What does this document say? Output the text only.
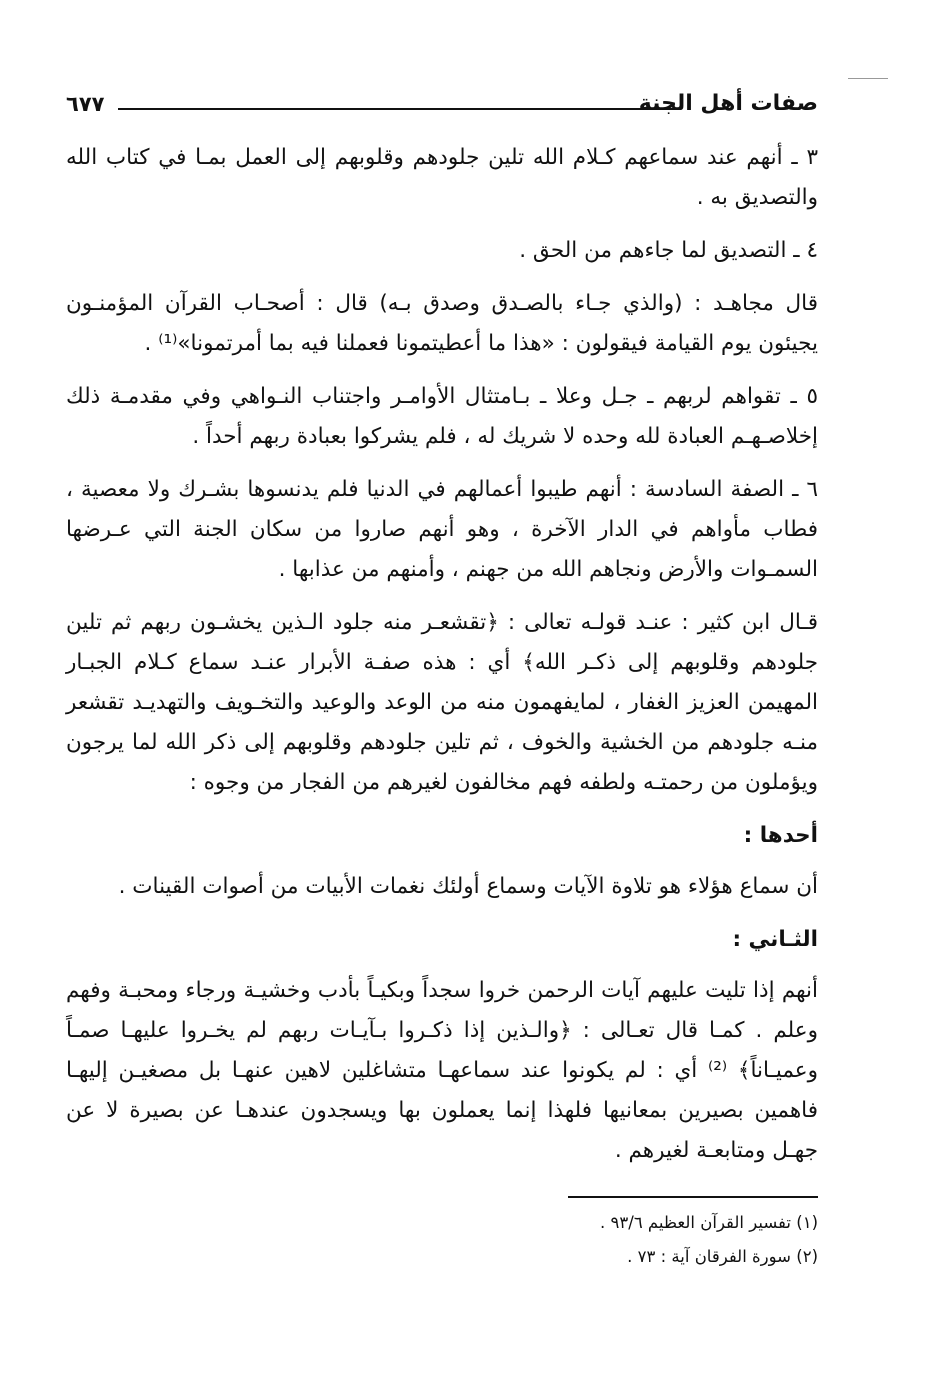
صفات أهل الجنة
٦٧٧

٣ ـ أنهم عند سماعهم كـلام الله تلين جلودهم وقلوبهم إلى العمل بمـا في كتاب الله والتصديق به .

٤ ـ التصديق لما جاءهم من الحق .

قال مجاهـد : (والذي جـاء بالصـدق وصدق بـه) قال : أصحـاب القرآن المؤمنـون يجيئون يوم القيامة فيقولون : «هذا ما أعطيتمونا فعملنا فيه بما أمرتمونا»⁽¹⁾ .

٥ ـ تقواهم لربهم ـ جـل وعلا ـ بـامتثال الأوامـر واجتناب النـواهي وفي مقدمـة ذلك إخلاصـهـم العبادة لله وحده لا شريك له ، فلم يشركوا بعبادة ربهم أحداً .

٦ ـ الصفة السادسة : أنهم طيبوا أعمالهم في الدنيا فلم يدنسوها بشـرك ولا معصية ، فطاب مأواهم في الدار الآخرة ، وهو أنهم صاروا من سكان الجنة التي عـرضها السمـوات والأرض ونجاهم الله من جهنم ، وأمنهم من عذابها .

قـال ابن كثير : عنـد قولـه تعالى : ﴿تقشعـر منه جلود الـذين يخشـون ربهم ثم تلين جلودهم وقلوبهم إلى ذكـر الله﴾ أي : هذه صفـة الأبرار عنـد سماع كـلام الجبـار المهيمن العزيز الغفار ، لمايفهمون منه من الوعد والوعيد والتخـويف والتهديـد تقشعر منـه جلودهم من الخشية والخوف ، ثم تلين جلودهم وقلوبهم إلى ذكر الله لما يرجون ويؤملون من رحمتـه ولطفه فهم مخالفون لغيرهم من الفجار من وجوه :

أحدها :

أن سماع هؤلاء هو تلاوة الآيات وسماع أولئك نغمات الأبيات من أصوات القينات .

الثـاني :

أنهم إذا تليت عليهم آيات الرحمن خروا سجداً وبكيـاً بأدب وخشيـة ورجاء ومحبـة وفهم وعلم . كمـا قال تعـالى : ﴿والـذين إذا ذكـروا بـآيـات ربهم لم يخـروا عليهـا صمـاً وعميـاناً﴾ ⁽²⁾ أي : لم يكونوا عند سماعهـا متشاغلين لاهين عنهـا بل مصغيـن إليهـا فاهمين بصيرين بمعانيها فلهذا إنما يعملون بها ويسجدون عندهـا عن بصيرة لا عن جهـل ومتابعـة لغيرهم .

(١) تفسير القرآن العظيم ٩٣/٦ .

(٢) سورة الفرقان آية : ٧٣ .
